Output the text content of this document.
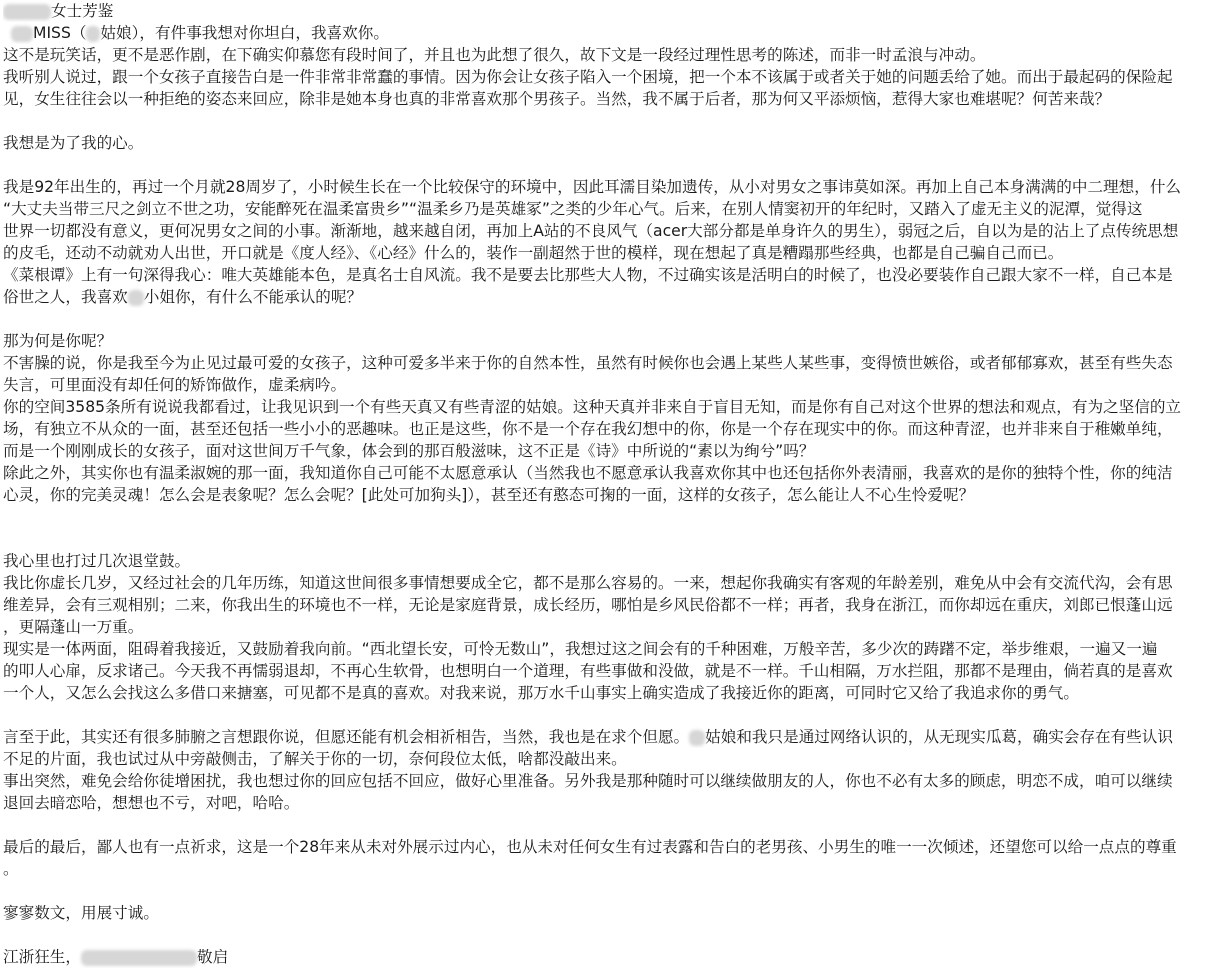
女士芳鉴
MISS（ 姑娘），有件事我想对你坦白，我喜欢你。
这不是玩笑话，更不是恶作剧，在下确实仰慕您有段时间了，并且也为此想了很久，故下文是一段经过理性思考的陈述，而非一时孟浪与冲动。
我听别人说过，跟一个女孩子直接告白是一件非常非常蠢的事情。因为你会让女孩子陷入一个困境，把一个本不该属于或者关于她的问题丢给了她。而出于最起码的保险起
见，女生往往会以一种拒绝的姿态来回应，除非是她本身也真的非常喜欢那个男孩子。当然，我不属于后者，那为何又平添烦恼，惹得大家也难堪呢？何苦来哉？
我想是为了我的心。
我是92年出生的，再过一个月就28周岁了，小时候生长在一个比较保守的环境中，因此耳濡目染加遗传，从小对男女之事讳莫如深。再加上自己本身满满的中二理想，什么
“大丈夫当带三尺之剑立不世之功，安能醉死在温柔富贵乡”“温柔乡乃是英雄冢”之类的少年心气。后来，在别人情窦初开的年纪时，又踏入了虚无主义的泥潭，觉得这
世界一切都没有意义，更何况男女之间的小事。渐渐地，越来越自闭，再加上A站的不良风气（acer大部分都是单身许久的男生），弱冠之后，自以为是的沾上了点传统思想
的皮毛，还动不动就劝人出世，开口就是《度人经》、《心经》什么的，装作一副超然于世的模样，现在想起了真是糟蹋那些经典，也都是自己骗自己而已。
《菜根谭》上有一句深得我心：唯大英雄能本色，是真名士自风流。我不是要去比那些大人物，不过确实该是活明白的时候了，也没必要装作自己跟大家不一样，自己本是
俗世之人，我喜欢 小姐你，有什么不能承认的呢？
那为何是你呢？
不害臊的说，你是我至今为止见过最可爱的女孩子，这种可爱多半来于你的自然本性，虽然有时候你也会遇上某些人某些事，变得愤世嫉俗，或者郁郁寡欢，甚至有些失态
失言，可里面没有却任何的矫饰做作，虚柔病吟。
你的空间3585条所有说说我都看过，让我见识到一个有些天真又有些青涩的姑娘。这种天真并非来自于盲目无知，而是你有自己对这个世界的想法和观点，有为之坚信的立
场，有独立不从众的一面，甚至还包括一些小小的恶趣味。也正是这些，你不是一个存在我幻想中的你，你是一个存在现实中的你。而这种青涩，也并非来自于稚嫩单纯，
而是一个刚刚成长的女孩子，面对这世间万千气象，体会到的那百般滋味，这不正是《诗》中所说的“素以为绚兮”吗？
除此之外，其实你也有温柔淑婉的那一面，我知道你自己可能不太愿意承认（当然我也不愿意承认我喜欢你其中也还包括你外表清丽，我喜欢的是你的独特个性，你的纯洁
心灵，你的完美灵魂！怎么会是表象呢？怎么会呢？[此处可加狗头]），甚至还有憨态可掬的一面，这样的女孩子，怎么能让人不心生怜爱呢？
我心里也打过几次退堂鼓。
我比你虚长几岁，又经过社会的几年历练，知道这世间很多事情想要成全它，都不是那么容易的。一来，想起你我确实有客观的年龄差别，难免从中会有交流代沟，会有思
维差异，会有三观相别；二来，你我出生的环境也不一样，无论是家庭背景，成长经历，哪怕是乡风民俗都不一样；再者，我身在浙江，而你却远在重庆，刘郎已恨蓬山远
，更隔蓬山一万重。
现实是一体两面，阻碍着我接近，又鼓励着我向前。“西北望长安，可怜无数山”，我想过这之间会有的千种困难，万般辛苦，多少次的踌躇不定，举步维艰，一遍又一遍
的叩人心扉，反求诸己。今天我不再懦弱退却，不再心生软骨，也想明白一个道理，有些事做和没做，就是不一样。千山相隔，万水拦阻，那都不是理由，倘若真的是喜欢
一个人，又怎么会找这么多借口来搪塞，可见都不是真的喜欢。对我来说，那万水千山事实上确实造成了我接近你的距离，可同时它又给了我追求你的勇气。
言至于此，其实还有很多肺腑之言想跟你说，但愿还能有机会相祈相告，当然，我也是在求个但愿。 姑娘和我只是通过网络认识的，从无现实瓜葛，确实会存在有些认识
不足的片面，我也试过从中旁敲侧击，了解关于你的一切，奈何段位太低，啥都没敲出来。
事出突然，难免会给你徒增困扰，我也想过你的回应包括不回应，做好心里准备。另外我是那种随时可以继续做朋友的人，你也不必有太多的顾虑，明恋不成，咱可以继续
退回去暗恋哈，想想也不亏，对吧，哈哈。
最后的最后，鄙人也有一点祈求，这是一个28年来从未对外展示过内心，也从未对任何女生有过表露和告白的老男孩、小男生的唯一一次倾述，还望您可以给一点点的尊重
。
寥寥数文，用展寸诚。
江浙狂生，	敬启
